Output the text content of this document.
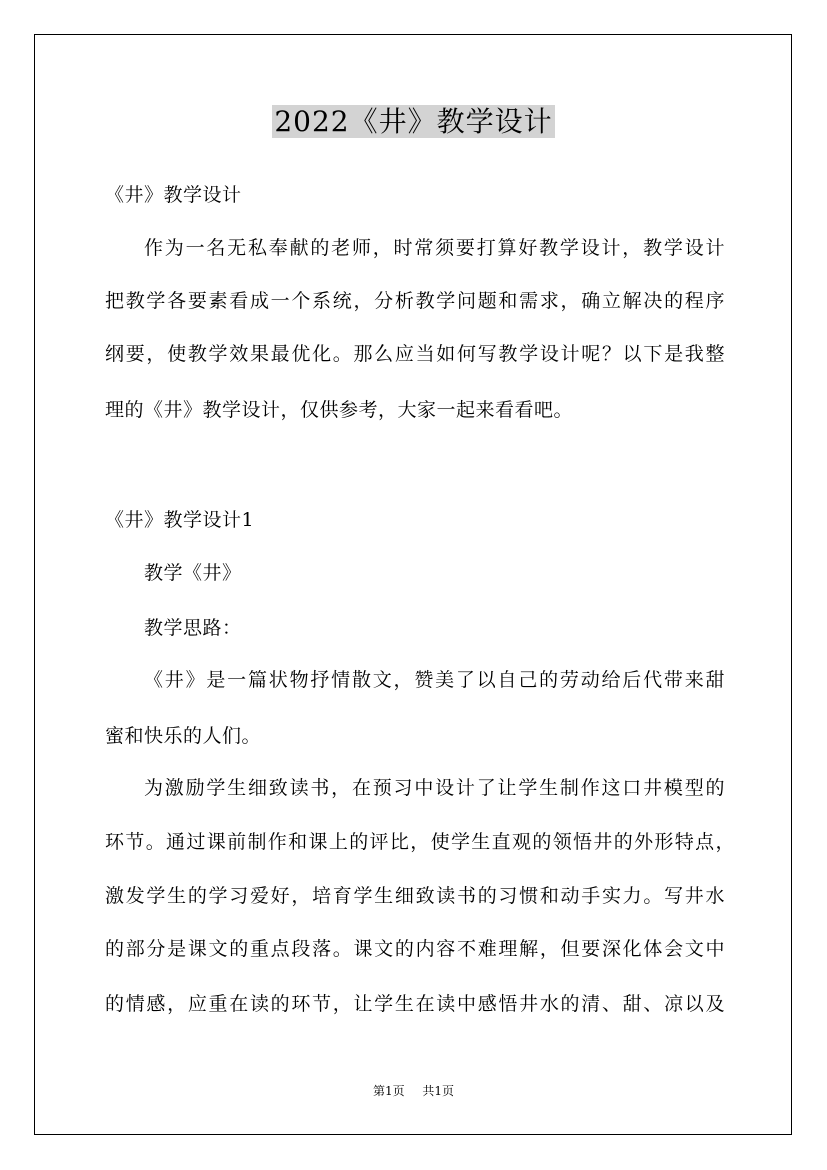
2022《井》教学设计
《井》教学设计
作为一名无私奉献的老师，时常须要打算好教学设计，教学设计
把教学各要素看成一个系统，分析教学问题和需求，确立解决的程序
纲要，使教学效果最优化。那么应当如何写教学设计呢？以下是我整
理的《井》教学设计，仅供参考，大家一起来看看吧。
《井》教学设计1
教学《井》
教学思路：
《井》是一篇状物抒情散文，赞美了以自己的劳动给后代带来甜
蜜和快乐的人们。
为激励学生细致读书，在预习中设计了让学生制作这口井模型的
环节。通过课前制作和课上的评比，使学生直观的领悟井的外形特点，
激发学生的学习爱好，培育学生细致读书的习惯和动手实力。写井水
的部分是课文的重点段落。课文的内容不难理解，但要深化体会文中
的情感，应重在读的环节，让学生在读中感悟井水的清、甜、凉以及
第1页 共1页
